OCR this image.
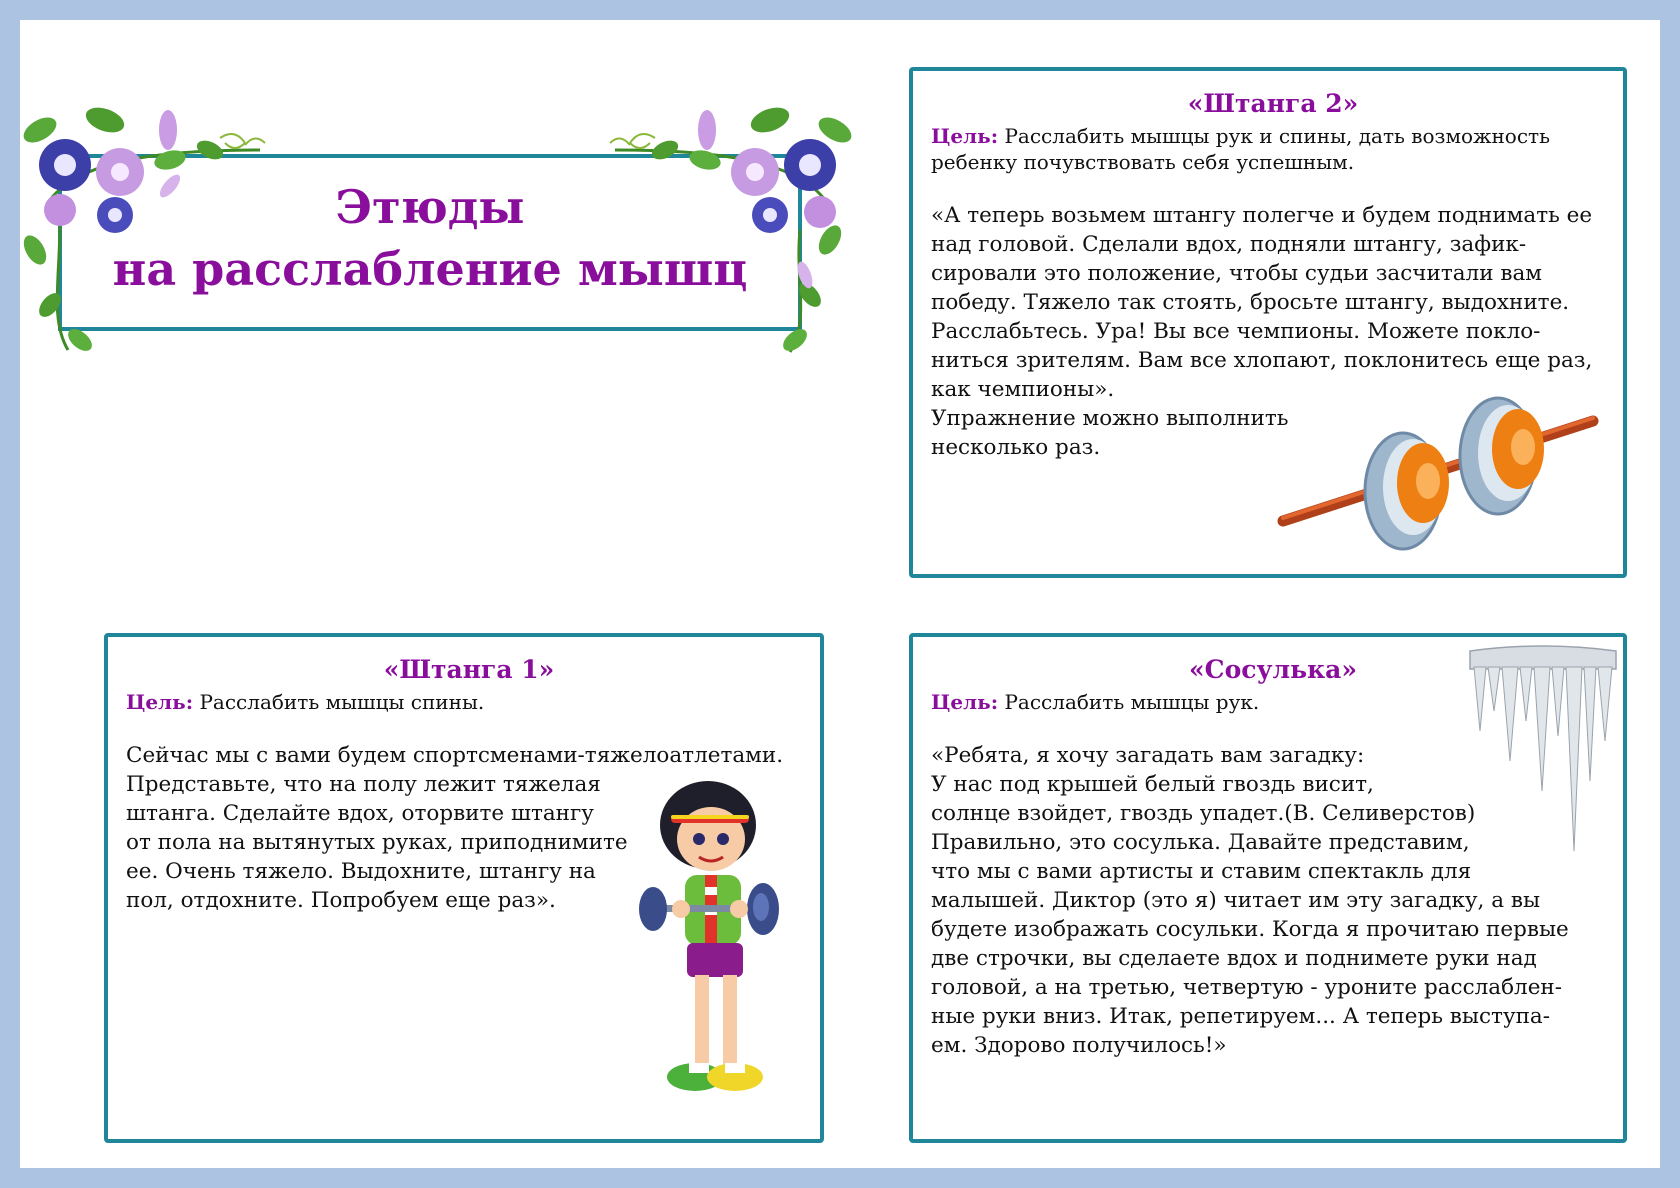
Этюды
на расслабление мышц
«Штанга 2»

Цель: Расслабить мышцы рук и спины, дать возможность ребенку почувствовать себя успешным.

«А теперь возьмем штангу полегче и будем поднимать ее над головой. Сделали вдох, подняли штангу, зафик-сировали это положение, чтобы судьи засчитали вам победу. Тяжело так стоять, бросьте штангу, выдохните. Расслабьтесь. Ура! Вы все чемпионы. Можете покло-ниться зрителям. Вам все хлопают, поклонитесь еще раз, как чемпионы».

Упражнение можно выполнить
несколько раз.

«Штанга 1»

Цель: Расслабить мышцы спины.

Сейчас мы с вами будем спортсменами-тяжелоатлетами.
Представьте, что на полу лежит тяжелая
штанга. Сделайте вдох, оторвите штангу
от пола на вытянутых руках, приподнимите
ее. Очень тяжело. Выдохните, штангу на
пол, отдохните. Попробуем еще раз».

«Сосулька»

Цель: Расслабить мышцы рук.

«Ребята, я хочу загадать вам загадку:
У нас под крышей белый гвоздь висит,
солнце взойдет, гвоздь упадет.(В. Селиверстов)
Правильно, это сосулька. Давайте представим,
что мы с вами артисты и ставим спектакль для
малышей. Диктор (это я) читает им эту загадку, а вы
будете изображать сосульки. Когда я прочитаю первые
две строчки, вы сделаете вдох и поднимете руки над
головой, а на третью, четвертую - уроните расслаблен-
ные руки вниз. Итак, репетируем... А теперь выступа-
ем. Здорово получилось!»
